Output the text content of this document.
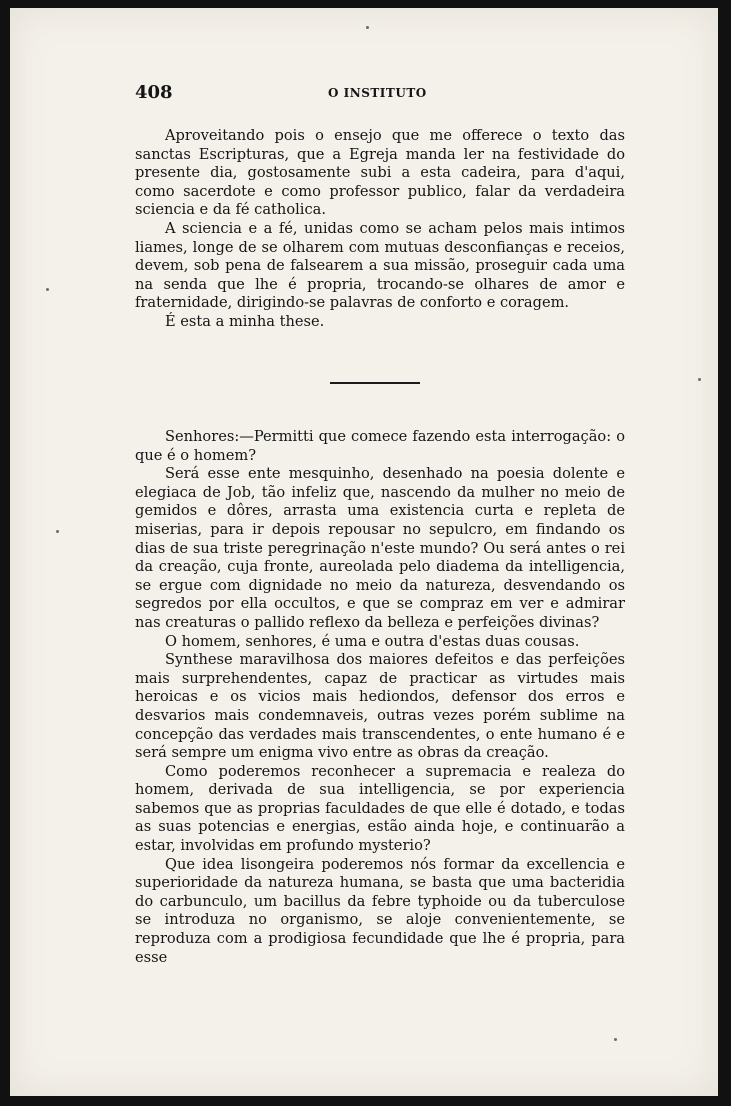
408	O INSTITUTO

Aproveitando pois o ensejo que me offerece o texto das sanctas Escripturas, que a Egreja manda ler na festividade do presente dia, gostosamente subi a esta cadeira, para d'aqui, como sacerdote e como professor publico, falar da verdadeira sciencia e da fé catholica.

A sciencia e a fé, unidas como se acham pelos mais intimos liames, longe de se olharem com mutuas desconfianças e receios, devem, sob pena de falsearem a sua missão, proseguir cada uma na senda que lhe é propria, trocando-se olhares de amor e fraternidade, dirigindo-se palavras de conforto e coragem.

É esta a minha these.

Senhores:—Permitti que comece fazendo esta interrogação: o que é o homem?

Será esse ente mesquinho, desenhado na poesia dolente e elegiaca de Job, tão infeliz que, nascendo da mulher no meio de gemidos e dôres, arrasta uma existencia curta e repleta de miserias, para ir depois repousar no sepulcro, em findando os dias de sua triste peregrinação n'este mundo? Ou será antes o rei da creação, cuja fronte, aureolada pelo diadema da intelligencia, se ergue com dignidade no meio da natureza, desvendando os segredos por ella occultos, e que se compraz em ver e admirar nas creaturas o pallido reflexo da belleza e perfeições divinas?

O homem, senhores, é uma e outra d'estas duas cousas.

Synthese maravilhosa dos maiores defeitos e das perfeições mais surprehendentes, capaz de practicar as virtudes mais heroicas e os vicios mais hediondos, defensor dos erros e desvarios mais condemnaveis, outras vezes porém sublime na concepção das verdades mais transcendentes, o ente humano é e será sempre um enigma vivo entre as obras da creação.

Como poderemos reconhecer a supremacia e realeza do homem, derivada de sua intelligencia, se por experiencia sabemos que as proprias faculdades de que elle é dotado, e todas as suas potencias e energias, estão ainda hoje, e continuarão a estar, involvidas em profundo mysterio?

Que idea lisongeira poderemos nós formar da excellencia e superioridade da natureza humana, se basta que uma bacteridia do carbunculo, um bacillus da febre typhoide ou da tuberculose se introduza no organismo, se aloje convenientemente, se reproduza com a prodigiosa fecundidade que lhe é propria, para esse
